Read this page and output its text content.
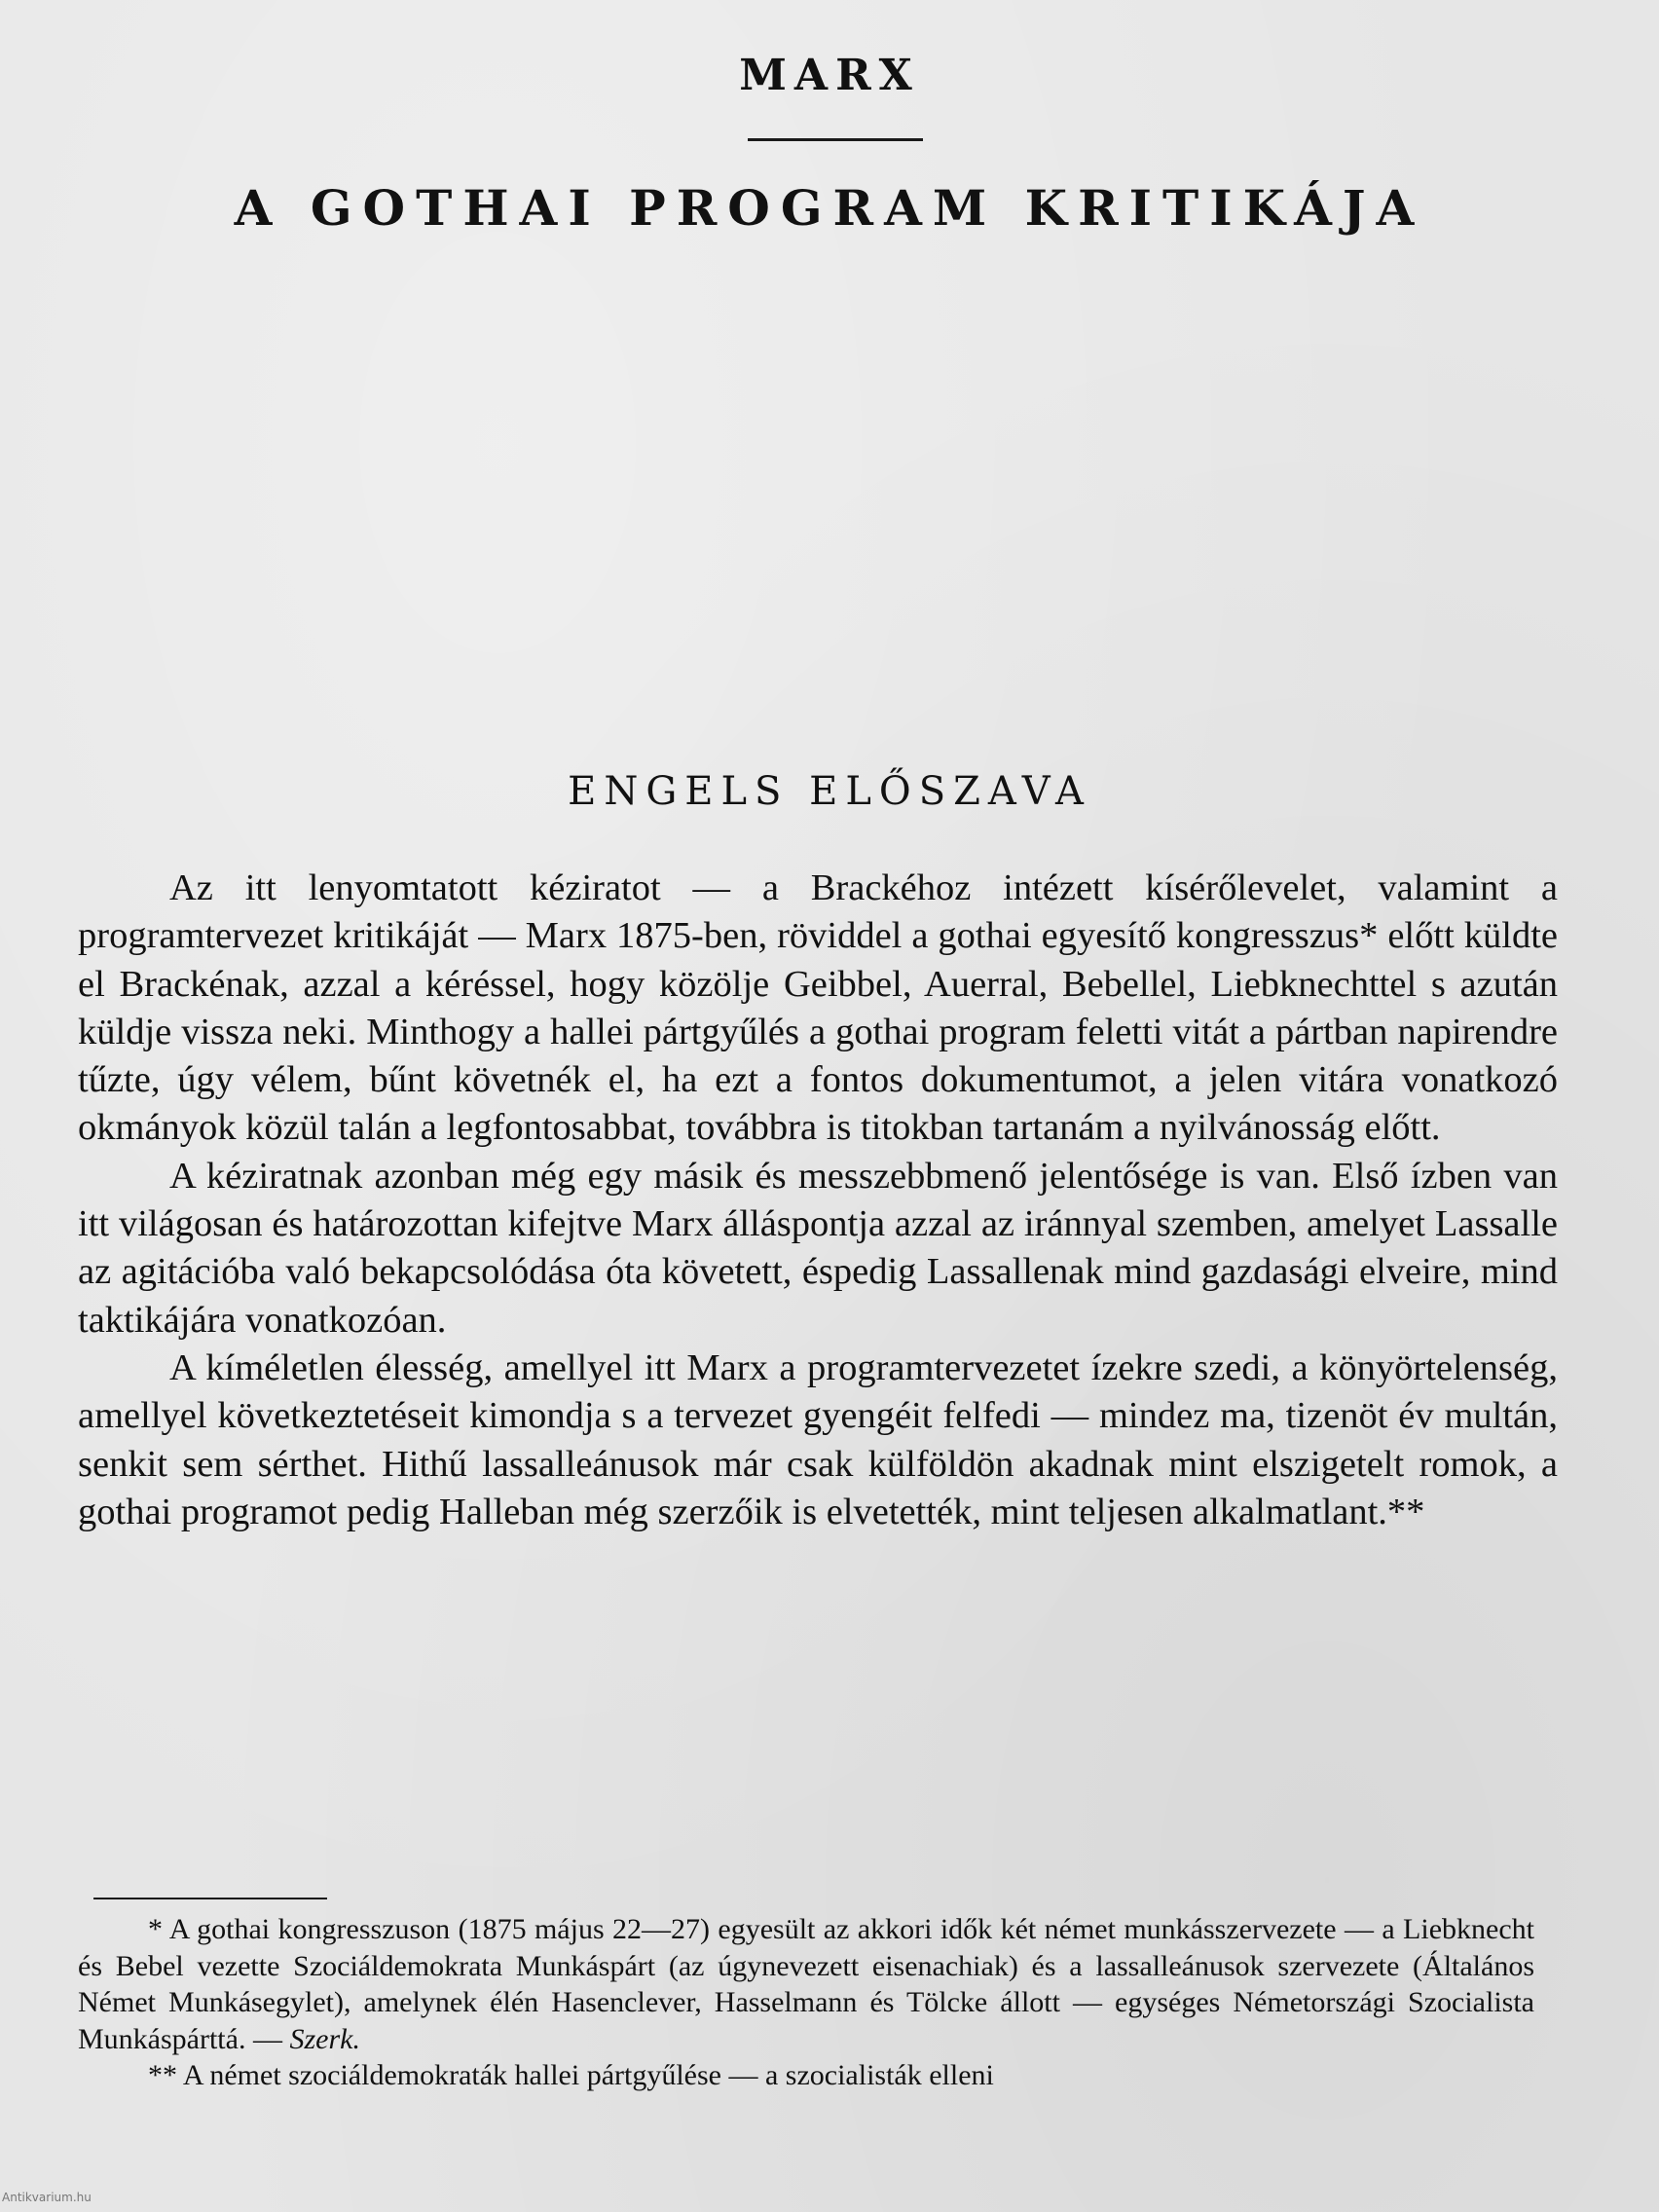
MARX
A GOTHAI PROGRAM KRITIKÁJA
ENGELS ELŐSZAVA

Az itt lenyomtatott kéziratot — a Brackéhoz intézett kísérőlevelet, valamint a programtervezet kritikáját — Marx 1875-ben, röviddel a gothai egyesítő kongresszus* előtt küldte el Brackénak, azzal a kéréssel, hogy közölje Geibbel, Auerral, Bebellel, Liebknechttel s azután küldje vissza neki. Minthogy a hallei pártgyűlés a gothai program feletti vitát a pártban napirendre tűzte, úgy vélem, bűnt követnék el, ha ezt a fontos dokumentumot, a jelen vitára vonatkozó okmányok közül talán a legfontosabbat, továbbra is titokban tartanám a nyilvánosság előtt.

A kéziratnak azonban még egy másik és messzebbmenő jelentősége is van. Első ízben van itt világosan és határozottan kifejtve Marx álláspontja azzal az iránnyal szemben, amelyet Lassalle az agitációba való bekapcsolódása óta követett, éspedig Lassallenak mind gazdasági elveire, mind taktikájára vonatkozóan.

A kíméletlen élesség, amellyel itt Marx a programtervezetet ízekre szedi, a könyörtelenség, amellyel következtetéseit kimondja s a tervezet gyengéit felfedi — mindez ma, tizenöt év multán, senkit sem sérthet. Hithű lassalleánusok már csak külföldön akadnak mint elszigetelt romok, a gothai programot pedig Halleban még szerzőik is elvetették, mint teljesen alkalmatlant.**

* A gothai kongresszuson (1875 május 22—27) egyesült az akkori idők két német munkásszervezete — a Liebknecht és Bebel vezette Szociáldemokrata Munkáspárt (az úgynevezett eisenachiak) és a lassalleánusok szervezete (Általános Német Munkásegylet), amelynek élén Hasenclever, Hasselmann és Tölcke állott — egységes Németországi Szocialista Munkáspárttá. — Szerk.

** A német szociáldemokraták hallei pártgyűlése — a szocialisták elleni

Antikvarium.hu
